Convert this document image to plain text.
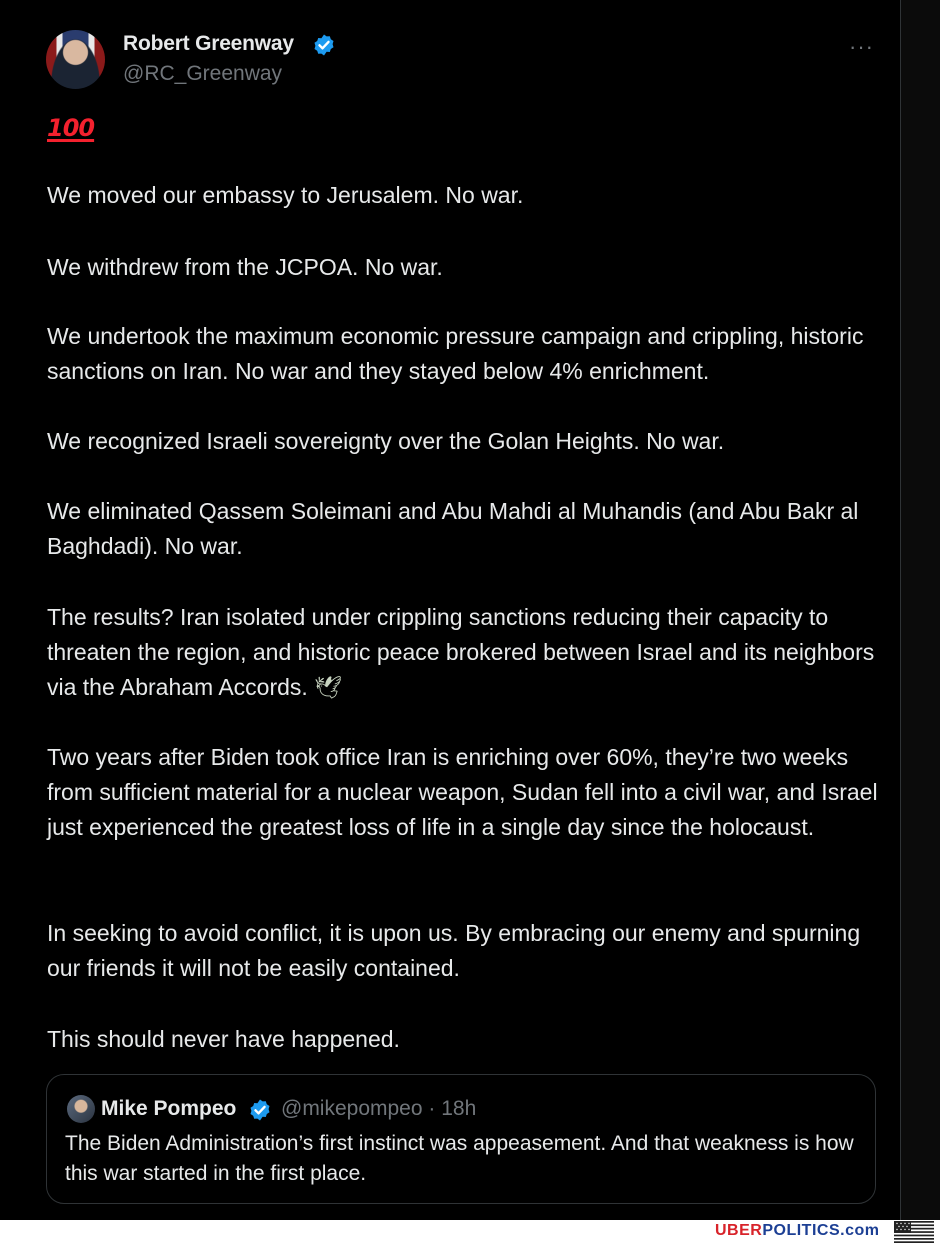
Robert Greenway
@RC_Greenway
···
100
We moved our embassy to Jerusalem. No war.
We withdrew from the JCPOA. No war.
We undertook the maximum economic pressure campaign and crippling, historic sanctions on Iran. No war and they stayed below 4% enrichment.
We recognized Israeli sovereignty over the Golan Heights. No war.
We eliminated Qassem Soleimani and Abu Mahdi al Muhandis (and Abu Bakr al Baghdadi). No war.
The results? Iran isolated under crippling sanctions reducing their capacity to threaten the region, and historic peace brokered between Israel and its neighbors via the Abraham Accords. 🕊
Two years after Biden took office Iran is enriching over 60%, they’re two weeks from sufficient material for a nuclear weapon, Sudan fell into a civil war, and Israel just experienced the greatest loss of life in a single day since the holocaust.
In seeking to avoid conflict, it is upon us. By embracing our enemy and spurning our friends it will not be easily contained.
This should never have happened.
Mike Pompeo @mikepompeo · 18h
The Biden Administration’s first instinct was appeasement. And that weakness is how this war started in the first place.
UBERPOLITICS.com
